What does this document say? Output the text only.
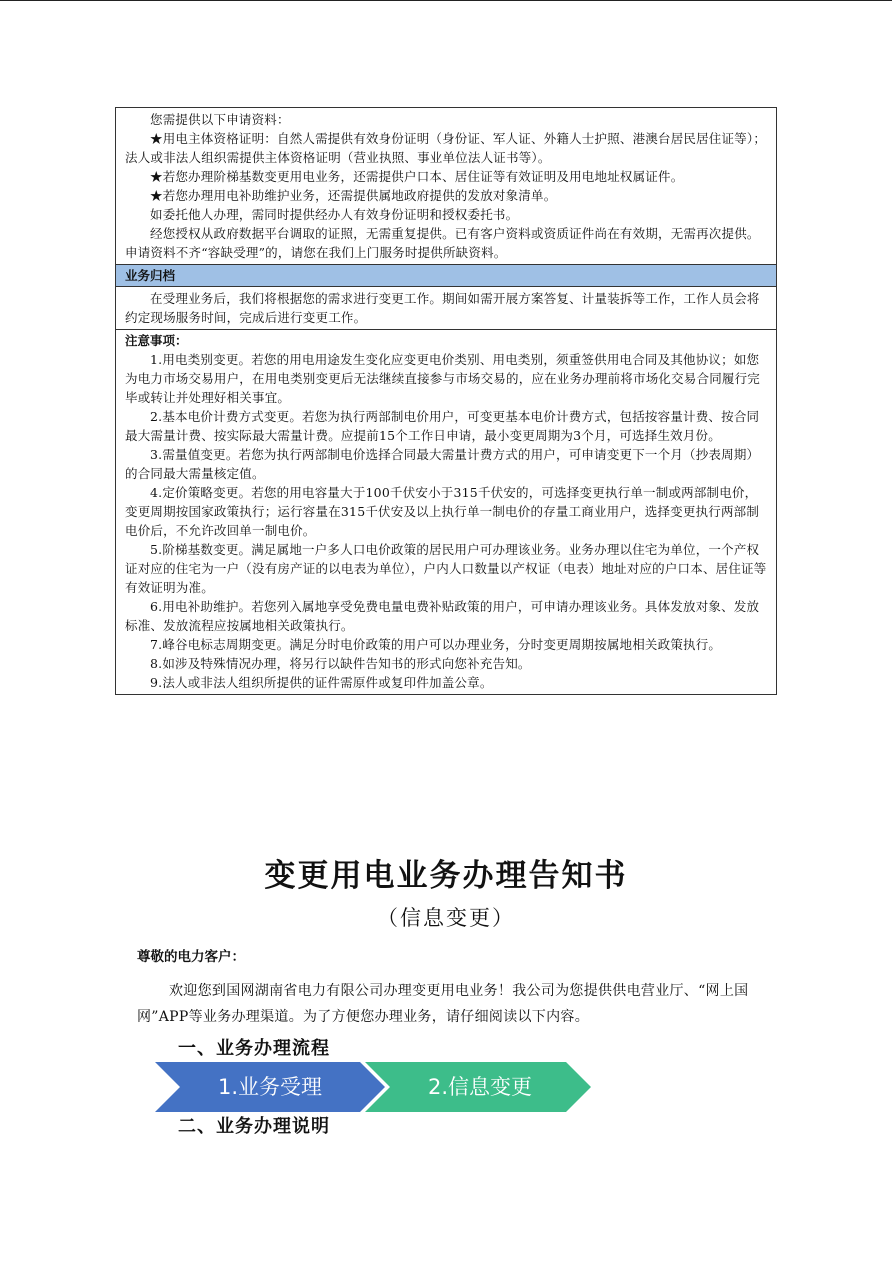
您需提供以下申请资料：

★用电主体资格证明：自然人需提供有效身份证明（身份证、军人证、外籍人士护照、港澳台居民居住证等）；法人或非法人组织需提供主体资格证明（营业执照、事业单位法人证书等）。

★若您办理阶梯基数变更用电业务，还需提供户口本、居住证等有效证明及用电地址权属证件。

★若您办理用电补助维护业务，还需提供属地政府提供的发放对象清单。

如委托他人办理，需同时提供经办人有效身份证明和授权委托书。

经您授权从政府数据平台调取的证照，无需重复提供。已有客户资料或资质证件尚在有效期，无需再次提供。申请资料不齐“容缺受理”的，请您在我们上门服务时提供所缺资料。

业务归档

在受理业务后，我们将根据您的需求进行变更工作。期间如需开展方案答复、计量装拆等工作，工作人员会将约定现场服务时间，完成后进行变更工作。

注意事项：

1.用电类别变更。若您的用电用途发生变化应变更电价类别、用电类别，须重签供用电合同及其他协议；如您为电力市场交易用户，在用电类别变更后无法继续直接参与市场交易的，应在业务办理前将市场化交易合同履行完毕或转让并处理好相关事宜。

2.基本电价计费方式变更。若您为执行两部制电价用户，可变更基本电价计费方式，包括按容量计费、按合同最大需量计费、按实际最大需量计费。应提前15个工作日申请，最小变更周期为3个月，可选择生效月份。

3.需量值变更。若您为执行两部制电价选择合同最大需量计费方式的用户，可申请变更下一个月（抄表周期）的合同最大需量核定值。

4.定价策略变更。若您的用电容量大于100千伏安小于315千伏安的，可选择变更执行单一制或两部制电价，变更周期按国家政策执行；运行容量在315千伏安及以上执行单一制电价的存量工商业用户，选择变更执行两部制电价后，不允许改回单一制电价。

5.阶梯基数变更。满足属地一户多人口电价政策的居民用户可办理该业务。业务办理以住宅为单位，一个产权证对应的住宅为一户（没有房产证的以电表为单位），户内人口数量以产权证（电表）地址对应的户口本、居住证等有效证明为准。

6.用电补助维护。若您列入属地享受免费电量电费补贴政策的用户，可申请办理该业务。具体发放对象、发放标准、发放流程应按属地相关政策执行。

7.峰谷电标志周期变更。满足分时电价政策的用户可以办理业务，分时变更周期按属地相关政策执行。

8.如涉及特殊情况办理，将另行以缺件告知书的形式向您补充告知。

9.法人或非法人组织所提供的证件需原件或复印件加盖公章。

变更用电业务办理告知书
（信息变更）
尊敬的电力客户：

欢迎您到国网湖南省电力有限公司办理变更用电业务！我公司为您提供供电营业厅、“网上国网”APP等业务办理渠道。为了方便您办理业务，请仔细阅读以下内容。

一、业务办理流程
1.业务受理	2.信息变更
二、业务办理说明
